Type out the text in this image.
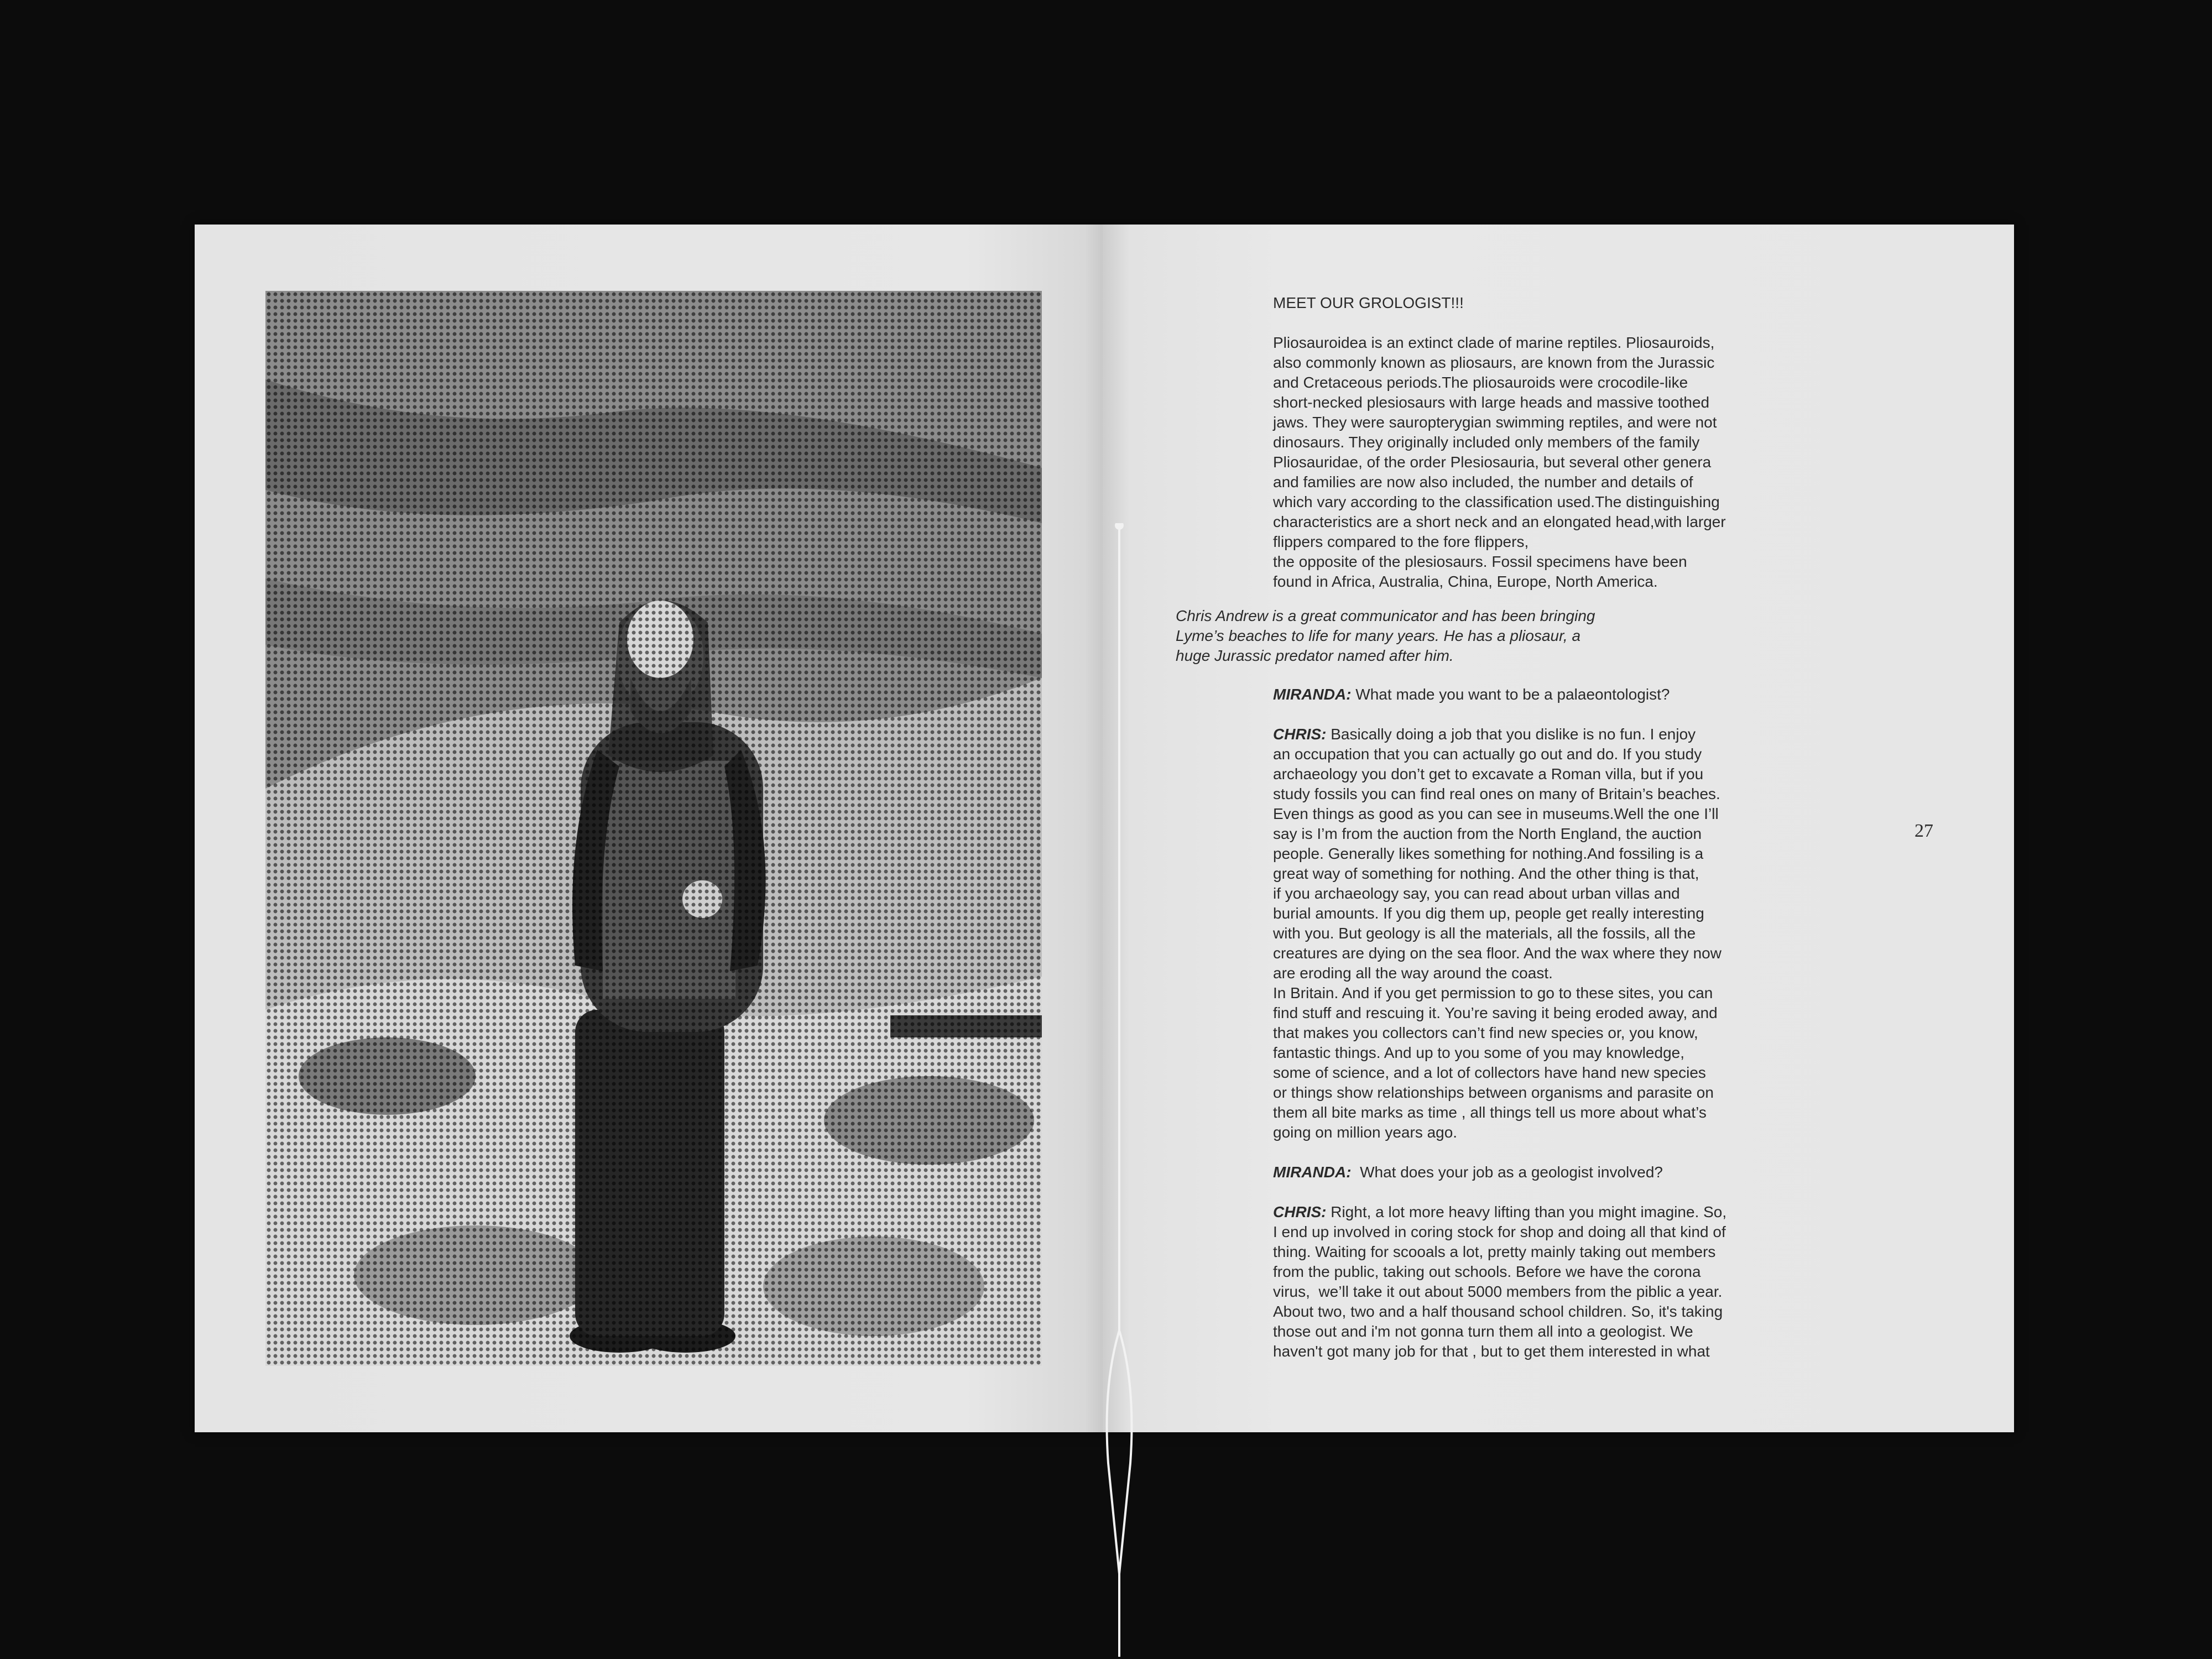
MEET OUR GROLOGIST!!!
Pliosauroidea is an extinct clade of marine reptiles. Pliosauroids,
also commonly known as pliosaurs, are known from the Jurassic
and Cretaceous periods.The pliosauroids were crocodile-like
short-necked plesiosaurs with large heads and massive toothed
jaws. They were sauropterygian swimming reptiles, and were not
dinosaurs. They originally included only members of the family
Pliosauridae, of the order Plesiosauria, but several other genera
and families are now also included, the number and details of
which vary according to the classification used.The distinguishing
characteristics are a short neck and an elongated head,with larger
flippers compared to the fore flippers,
the opposite of the plesiosaurs. Fossil specimens have been
found in Africa, Australia, China, Europe, North America.
Chris Andrew is a great communicator and has been bringing
Lyme’s beaches to life for many years. He has a pliosaur, a
huge Jurassic predator named after him.
MIRANDA: What made you want to be a palaeontologist?
CHRIS: Basically doing a job that you dislike is no fun. I enjoy
an occupation that you can actually go out and do. If you study
archaeology you don’t get to excavate a Roman villa, but if you
study fossils you can find real ones on many of Britain’s beaches.
Even things as good as you can see in museums.Well the one I’ll
say is I’m from the auction from the North England, the auction
people. Generally likes something for nothing.And fossiling is a
great way of something for nothing. And the other thing is that,
if you archaeology say, you can read about urban villas and
burial amounts. If you dig them up, people get really interesting
with you. But geology is all the materials, all the fossils, all the
creatures are dying on the sea floor. And the wax where they now
are eroding all the way around the coast.
In Britain. And if you get permission to go to these sites, you can
find stuff and rescuing it. You’re saving it being eroded away, and
that makes you collectors can’t find new species or, you know,
fantastic things. And up to you some of you may knowledge,
some of science, and a lot of collectors have hand new species
or things show relationships between organisms and parasite on
them all bite marks as time , all things tell us more about what’s
going on million years ago.
MIRANDA:  What does your job as a geologist involved?
CHRIS: Right, a lot more heavy lifting than you might imagine. So,
I end up involved in coring stock for shop and doing all that kind of
thing. Waiting for scooals a lot, pretty mainly taking out members
from the public, taking out schools. Before we have the corona
virus,  we’ll take it out about 5000 members from the piblic a year.
About two, two and a half thousand school children. So, it's taking
those out and i'm not gonna turn them all into a geologist. We
haven't got many job for that , but to get them interested in what
27
